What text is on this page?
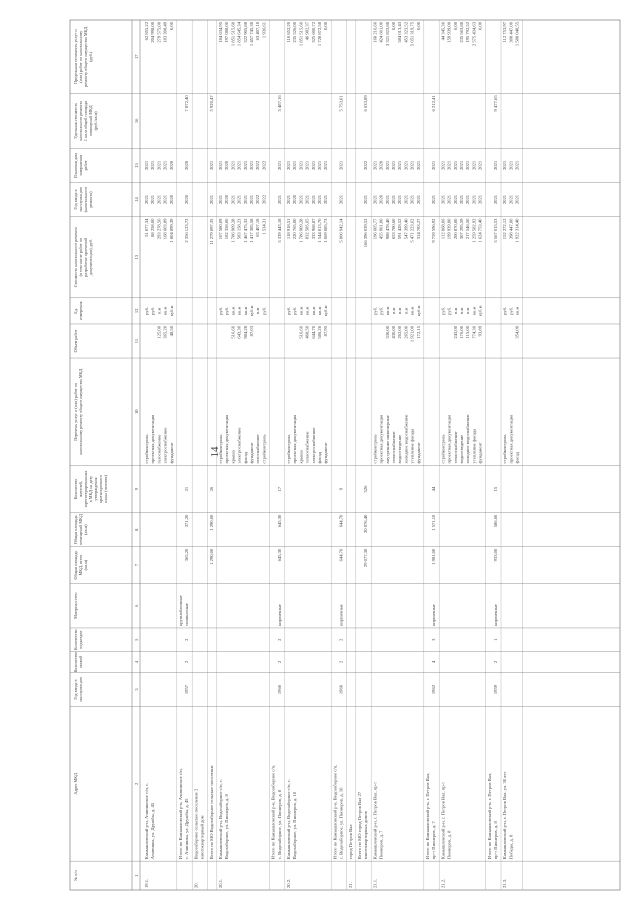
№ п/п
Адрес МКД
Год ввода вэксплуатацию
Количествоэтажей
Количествоподъездов
Материал стен
Общая площадьМКД, всего(кв.м)
Общая площадьпомещений МКД(кв.м)
Количествожителей,зарегистрированныхв МКД на датуутверждениякраткосрочногоплана (человек)
Перечень услуг и (или) работ покапитальному ремонту общего имущества МКД
Объем работ
Ед.измерения
Стоимость капитального ремонта(в том числе работ поразработке проектнойдокументации), руб.
Год ввода вэксплуатацию(капитальногоремонта)
Плановая датазавершенияработ
Удельная стоимостькапитального ремонта1 кв.м общей площадипомещений МКД(руб./кв.м)
Предельная стоимость услуг и(или) работ по капитальномуремонту общего имущества МКД(руб.)
1
2
3
4
5
6
7
8
9
10
11
12
13
14
15
16
17
19.1.
Камышловский р-н, Ачипинское с/п, с. Ачипинка, ул. Дружбы, д. 45
стройконтроль
руб.
51 077,34
2021
2021
62 855,22
проектная документация
руб.
88 258,00
2021
2021
204 998,00
газоснабжение
125,00
п.м
293 278,56
2021
2021
279 575,00
электроснабжение
365,20
кв.м
168 603,89
2021
2021
183 308,49
фундамент
48,50
куб.м
1 804 899,39
2020
2020
0,00
Итого по Камышловский р-н, Ачипинское с/п, с. Ачипинка, ул. Дружбы, д. 45
1957
2
2
крупноблочные силикатные
365,20
371,20
21
2 356 123,72
2020
2020
7 872,40
20.
Водозаборное сельское поселение 2 многоквартирный дом Всего по МО Водозаборное сельское поселение
1 290,00
1 290,00
26
11 279 097,35
2021
2021
5 920,47
20.1.
Камышловский р-н, Водозаборное с/п, с. Водозаборное, ул. Пионеров, д. 8
стройконтроль
руб.
107 580,09
2021
2021
184 634,95
проектная документация
руб.
182 358,00
2020
2020
197 088,00
крыша
516,66
кв.м
1 786 909,28
2021
2021
1 851 515,60
электроснабжение
643,30
кв.м
583 158,23
2021
2021
1 854 645,34
фасад
984,28
кв.м
1 467 475,32
2021
2021
322 905,88
фундамент
87,03
куб.м
1 417 385,58
2021
2021
1 457 745,38
газоснабжение
п.м
63 407,18
2022
2022
63 407,18
стройконтроль
руб.
1 534,31
2022
2022
1 936,61
Итого по Камышловский р-н, Водозаборное с/п, с. Водозаборное, ул. Пионеров, д. 8
1960
2
2
кирпичные
645,30
645,30
17
5 339 443,18
2021
2021
5 487,16
20.2.
Камышловский р-н, Водозаборное с/п, с. Водозаборное, ул. Пионеров, д. 10
стройконтроль
руб.
118 918,51
2021
2021
110 852,20
проектная документация
руб.
220 765,00
2020
2021
235 526,00
крыша
516,66
кв.м
1 786 909,28
2021
2021
1 851 515,60
теплоснабжение
468,50
кв.м
832 585,65
2021
2021
46 982,37
электроснабжение
644,70
кв.м
333 968,87
2021
2021
325 600,72
фасад
586,26
кв.м
1 544 813,70
2021
2021
1 728 872,58
фундамент
87,95
куб.м
1 069 085,73
2021
2021
0,00
Итого по Камышловский р-н, Водозаборное с/п, с. Водозаборное, ул. Пионеров, д. 10
1960
2
2
кирпичные
644,70
644,70
9
5 806 942,14
2021
2021
5 753,01
21.
город Петров Вал Всего по МО город Петров Вал 27 многоквартирных домов
29 077,30
20 076,40
526
166 396 039,52
2021
2022
6 633,89
21.1.
Камышловский р-н, г. Петров Вал, пр-т Пионеров, д. 7
стройконтроль
руб.
196 605,77
2021
2021
168 216,66
проектная документация
руб.
455 961,00
2020
2020
424 601,00
внутренние инженерные
330,00
кв.м
988 478,40
2021
2021
3 321 823,88
теплоснабжение
430,00
п.м
653 780,60
2021
2021
0,00
водоотведение
262,00
п.м
591 428,52
2021
2021
584 013,43
холодное водоснабжение
265,00
п.м
547 399,40
2021
2021
453 323,52
утепление фасада
1 921,00
кв.м
5 471 223,62
2021
2021
5 051 319,75
фундамент
172,15
куб.м
314 783,27
2021
2021
0,00
Итого по Камышловский р-н, г. Петров Вал, пр-т Пионеров, д. 7
1962
4
3
кирпичные
1 981,00
1 571,10
44
9 759 596,92
2021
2021
6 212,41
21.2.
Камышловский р-н, г. Петров Вал, пр-т Пионеров, д. 8
стройконтроль
руб.
112 868,06
2021
2021
44 345,36
проектная документация
руб.
199 939,00
2021
2021
159 939,00
теплоснабжение
243,00
п.м
200 870,00
2021
2021
0,00
водоотведение
176,00
п.м
307 295,59
2021
2021
235 563,88
холодное водоснабжение
115,00
п.м
217 546,50
2021
2021
195 792,52
утепление фасада
774,30
кв.м
1 259 582,92
2021
2021
2 575 434,63
фундамент
93,89
куб.м
1 624 753,40
2021
2021
0,00
Итого по Камышловский р-н, г. Петров Вал, пр-т Пионеров, д. 8
1959
2
1
кирпичные
933,00
586,60
15
5 567 015,53
2021
2021
9 477,65
21.3.
Камышловский р-н, г. Петров Вал, ул. 30 лет Победы, д. 8
стройконтроль
руб.
152 272,12
2021
2021
112 753,97
проектная документация
руб.
398 447,00
2021
2021
308 447,00
фасад
354,00
кв.м
1 922 314,40
2021
2021
1 588 048,55
14
